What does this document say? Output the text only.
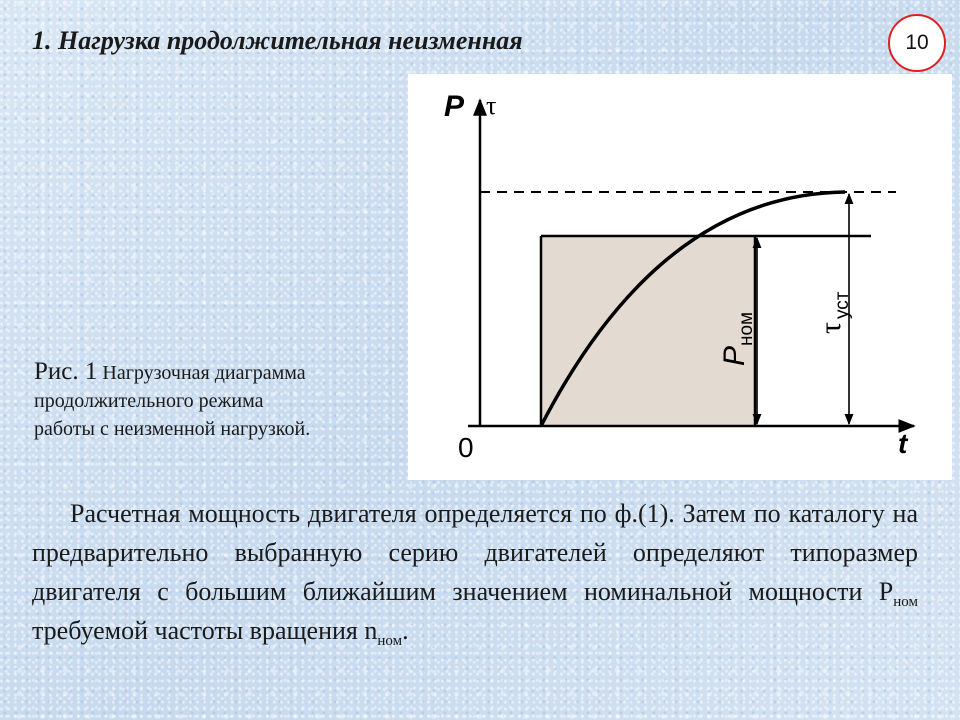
1. Нагрузка продолжительная неизменная	10
P τ
0	t
P
ном τ
уст
Рис. 1 Нагрузочная диаграмма
продолжительного режима
работы с неизменной нагрузкой.
Расчетная мощность двигателя определяется по ф.(1). Затем по каталогу на предварительно выбранную серию двигателей определяют типоразмер двигателя с большим ближайшим значением номинальной мощности $P_{ном}$ требуемой частоты вращения $n_{ном}$.
